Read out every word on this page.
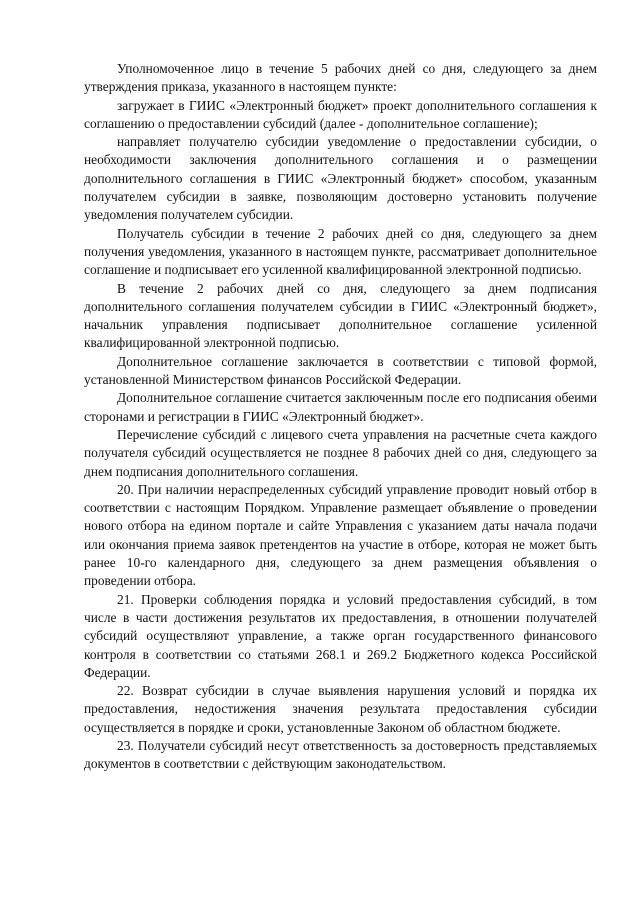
Уполномоченное лицо в течение 5 рабочих дней со дня, следующего за днем утверждения приказа, указанного в настоящем пункте:

загружает в ГИИС «Электронный бюджет» проект дополнительного соглашения к соглашению о предоставлении субсидий (далее - дополнительное соглашение);

направляет получателю субсидии уведомление о предоставлении субсидии, о необходимости заключения дополнительного соглашения и о размещении дополнительного соглашения в ГИИС «Электронный бюджет» способом, указанным получателем субсидии в заявке, позволяющим достоверно установить получение уведомления получателем субсидии.

Получатель субсидии в течение 2 рабочих дней со дня, следующего за днем получения уведомления, указанного в настоящем пункте, рассматривает дополнительное соглашение и подписывает его усиленной квалифицированной электронной подписью.

В течение 2 рабочих дней со дня, следующего за днем подписания дополнительного соглашения получателем субсидии в ГИИС «Электронный бюджет», начальник управления подписывает дополнительное соглашение усиленной квалифицированной электронной подписью.

Дополнительное соглашение заключается в соответствии с типовой формой, установленной Министерством финансов Российской Федерации.

Дополнительное соглашение считается заключенным после его подписания обеими сторонами и регистрации в ГИИС «Электронный бюджет».

Перечисление субсидий с лицевого счета управления на расчетные счета каждого получателя субсидий осуществляется не позднее 8 рабочих дней со дня, следующего за днем подписания дополнительного соглашения.

20. При наличии нераспределенных субсидий управление проводит новый отбор в соответствии с настоящим Порядком. Управление размещает объявление о проведении нового отбора на едином портале и сайте Управления с указанием даты начала подачи или окончания приема заявок претендентов на участие в отборе, которая не может быть ранее 10-го календарного дня, следующего за днем размещения объявления о проведении отбора.

21. Проверки соблюдения порядка и условий предоставления субсидий, в том числе в части достижения результатов их предоставления, в отношении получателей субсидий осуществляют управление, а также орган государственного финансового контроля в соответствии со статьями 268.1 и 269.2 Бюджетного кодекса Российской Федерации.

22. Возврат субсидии в случае выявления нарушения условий и порядка их предоставления, недостижения значения результата предоставления субсидии осуществляется в порядке и сроки, установленные Законом об областном бюджете.

23. Получатели субсидий несут ответственность за достоверность представляемых документов в соответствии с действующим законодательством.
